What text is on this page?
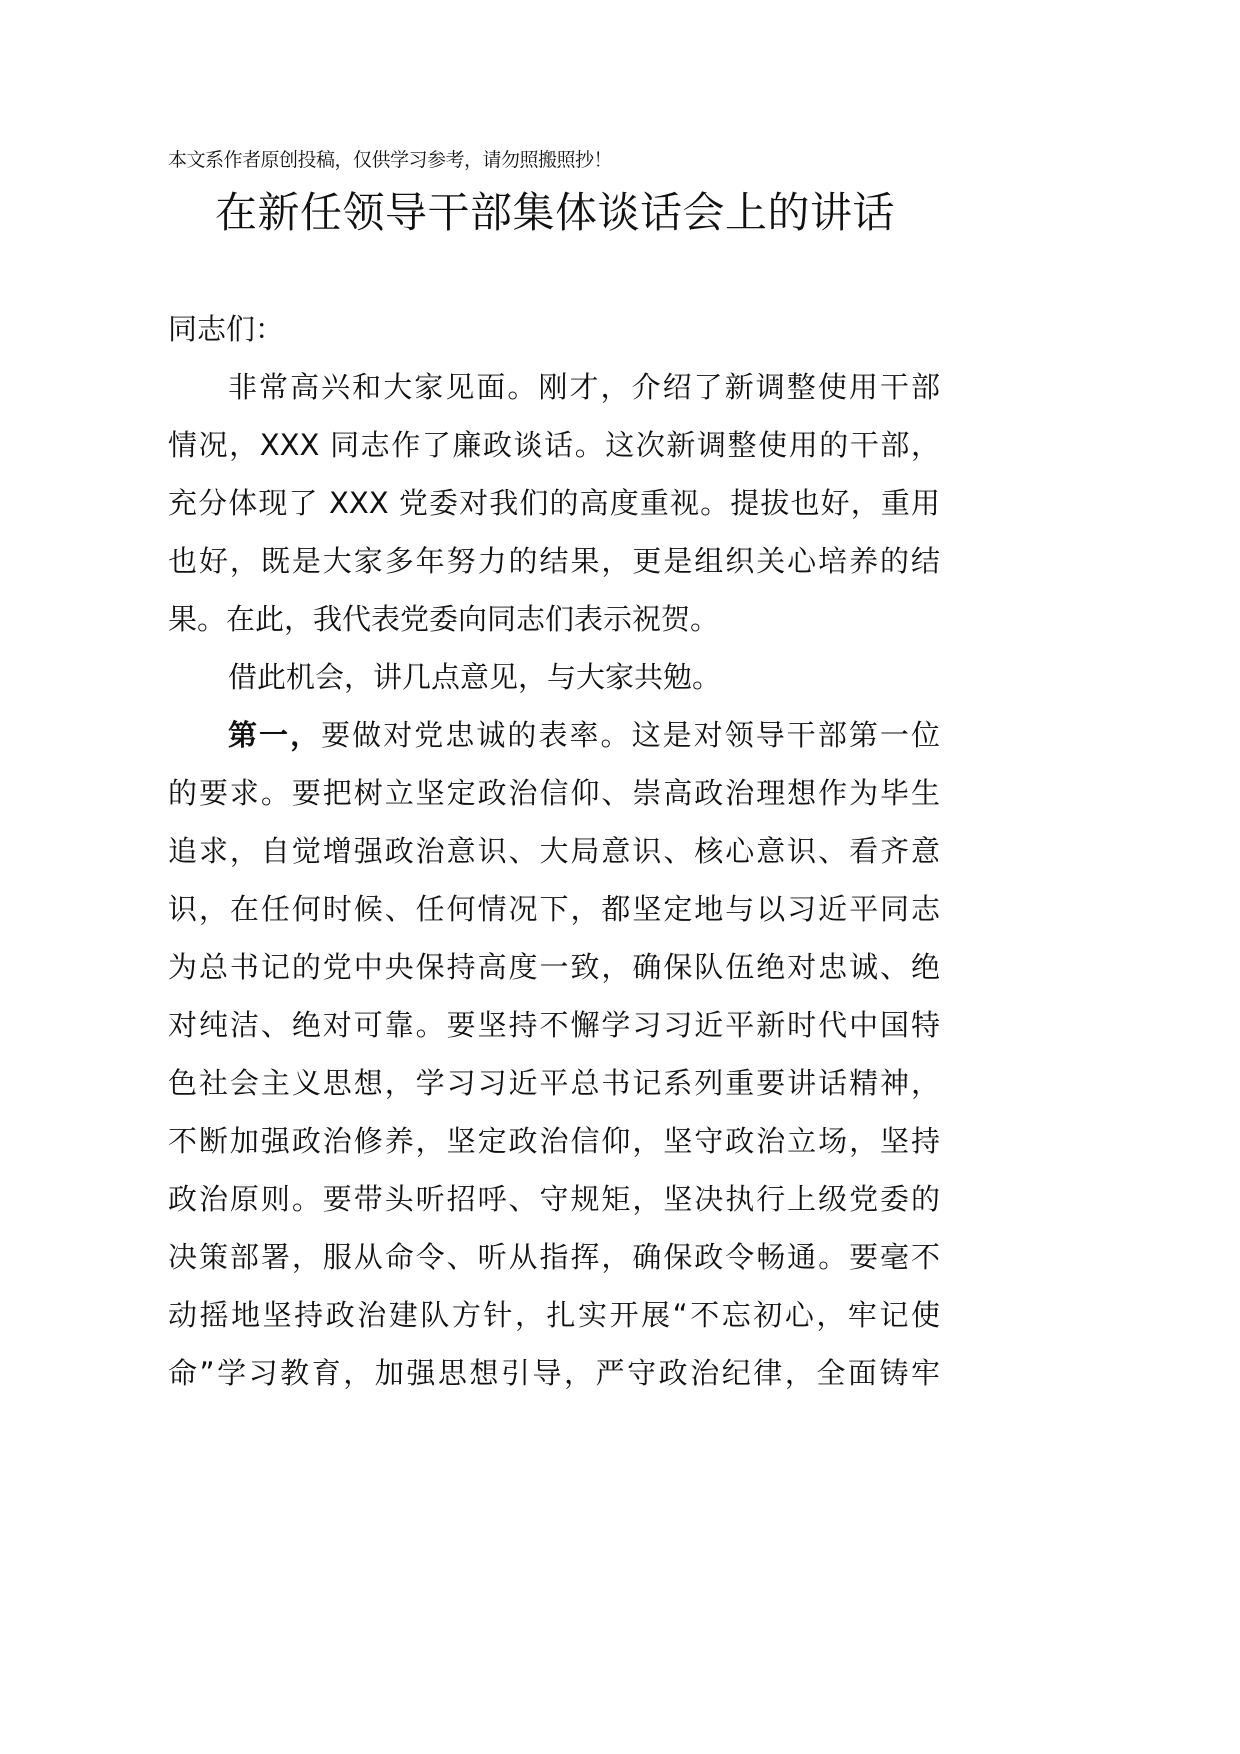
本文系作者原创投稿，仅供学习参考，请勿照搬照抄！
在新任领导干部集体谈话会上的讲话
同志们：
非常高兴和大家见面。刚才，介绍了新调整使用干部
情况，XXX 同志作了廉政谈话。这次新调整使用的干部，
充分体现了 XXX 党委对我们的高度重视。提拔也好，重用
也好，既是大家多年努力的结果，更是组织关心培养的结
果。在此，我代表党委向同志们表示祝贺。
借此机会，讲几点意见，与大家共勉。
第一，要做对党忠诚的表率。这是对领导干部第一位
的要求。要把树立坚定政治信仰、崇高政治理想作为毕生
追求，自觉增强政治意识、大局意识、核心意识、看齐意
识，在任何时候、任何情况下，都坚定地与以习近平同志
为总书记的党中央保持高度一致，确保队伍绝对忠诚、绝
对纯洁、绝对可靠。要坚持不懈学习习近平新时代中国特
色社会主义思想，学习习近平总书记系列重要讲话精神，
不断加强政治修养，坚定政治信仰，坚守政治立场，坚持
政治原则。要带头听招呼、守规矩，坚决执行上级党委的
决策部署，服从命令、听从指挥，确保政令畅通。要毫不
动摇地坚持政治建队方针，扎实开展“不忘初心，牢记使
命”学习教育，加强思想引导，严守政治纪律，全面铸牢
